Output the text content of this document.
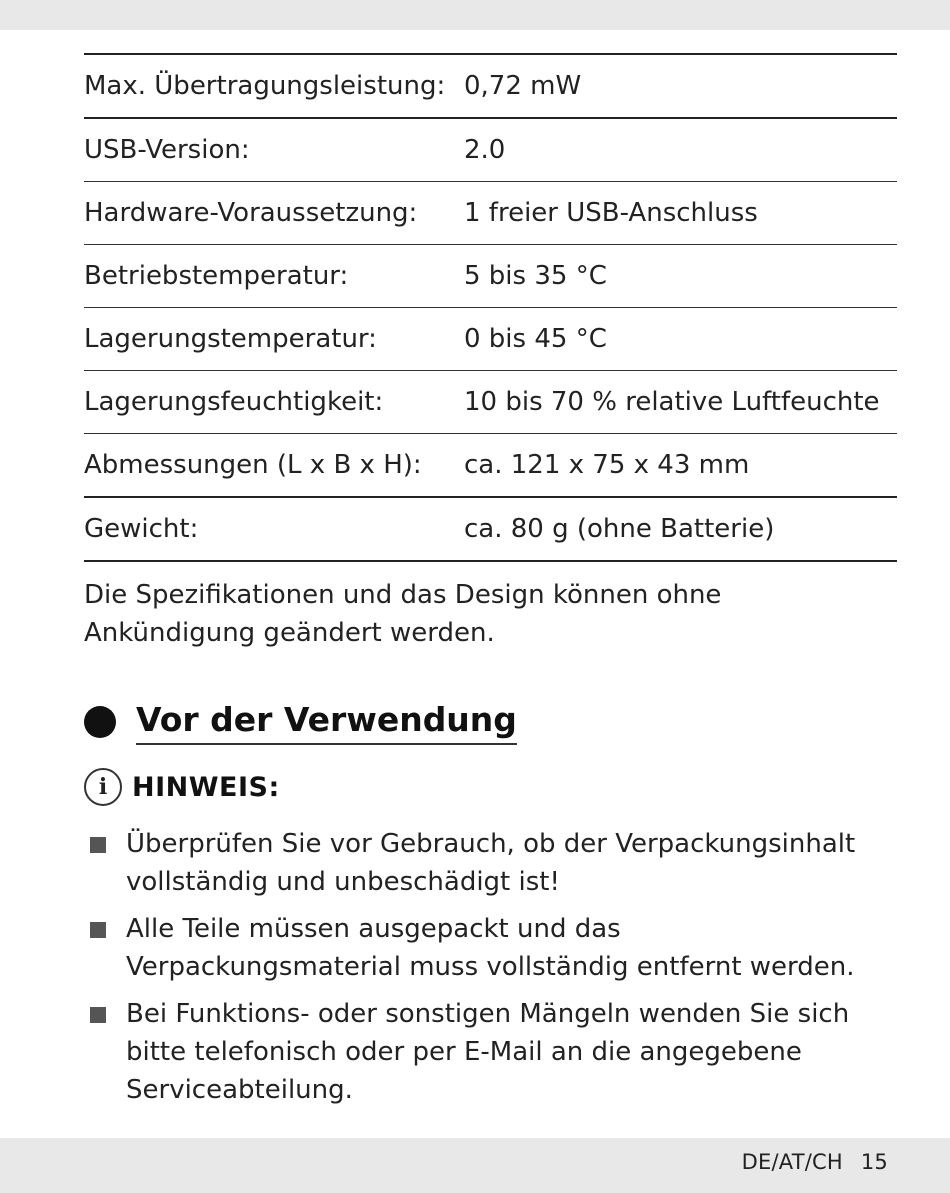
Max. Übertragungsleistung:	0,72 mW
USB-Version:	2.0
Hardware-Voraussetzung:	1 freier USB-Anschluss
Betriebstemperatur:	5 bis 35 °C
Lagerungstemperatur:	0 bis 45 °C
Lagerungsfeuchtigkeit:	10 bis 70 % relative Luftfeuchte
Abmessungen (L x B x H):	ca. 121 x 75 x 43 mm
Gewicht:	ca. 80 g (ohne Batterie)
Die Spezifikationen und das Design können ohne Ankündigung geändert werden.
Vor der Verwendung
i HINWEIS:
Überprüfen Sie vor Gebrauch, ob der Verpackungsinhalt vollständig und unbeschädigt ist!
Alle Teile müssen ausgepackt und das Verpackungsmaterial muss vollständig entfernt werden.
Bei Funktions- oder sonstigen Mängeln wenden Sie sich bitte telefonisch oder per E-Mail an die angegebene Serviceabteilung.
DE/AT/CH 15
